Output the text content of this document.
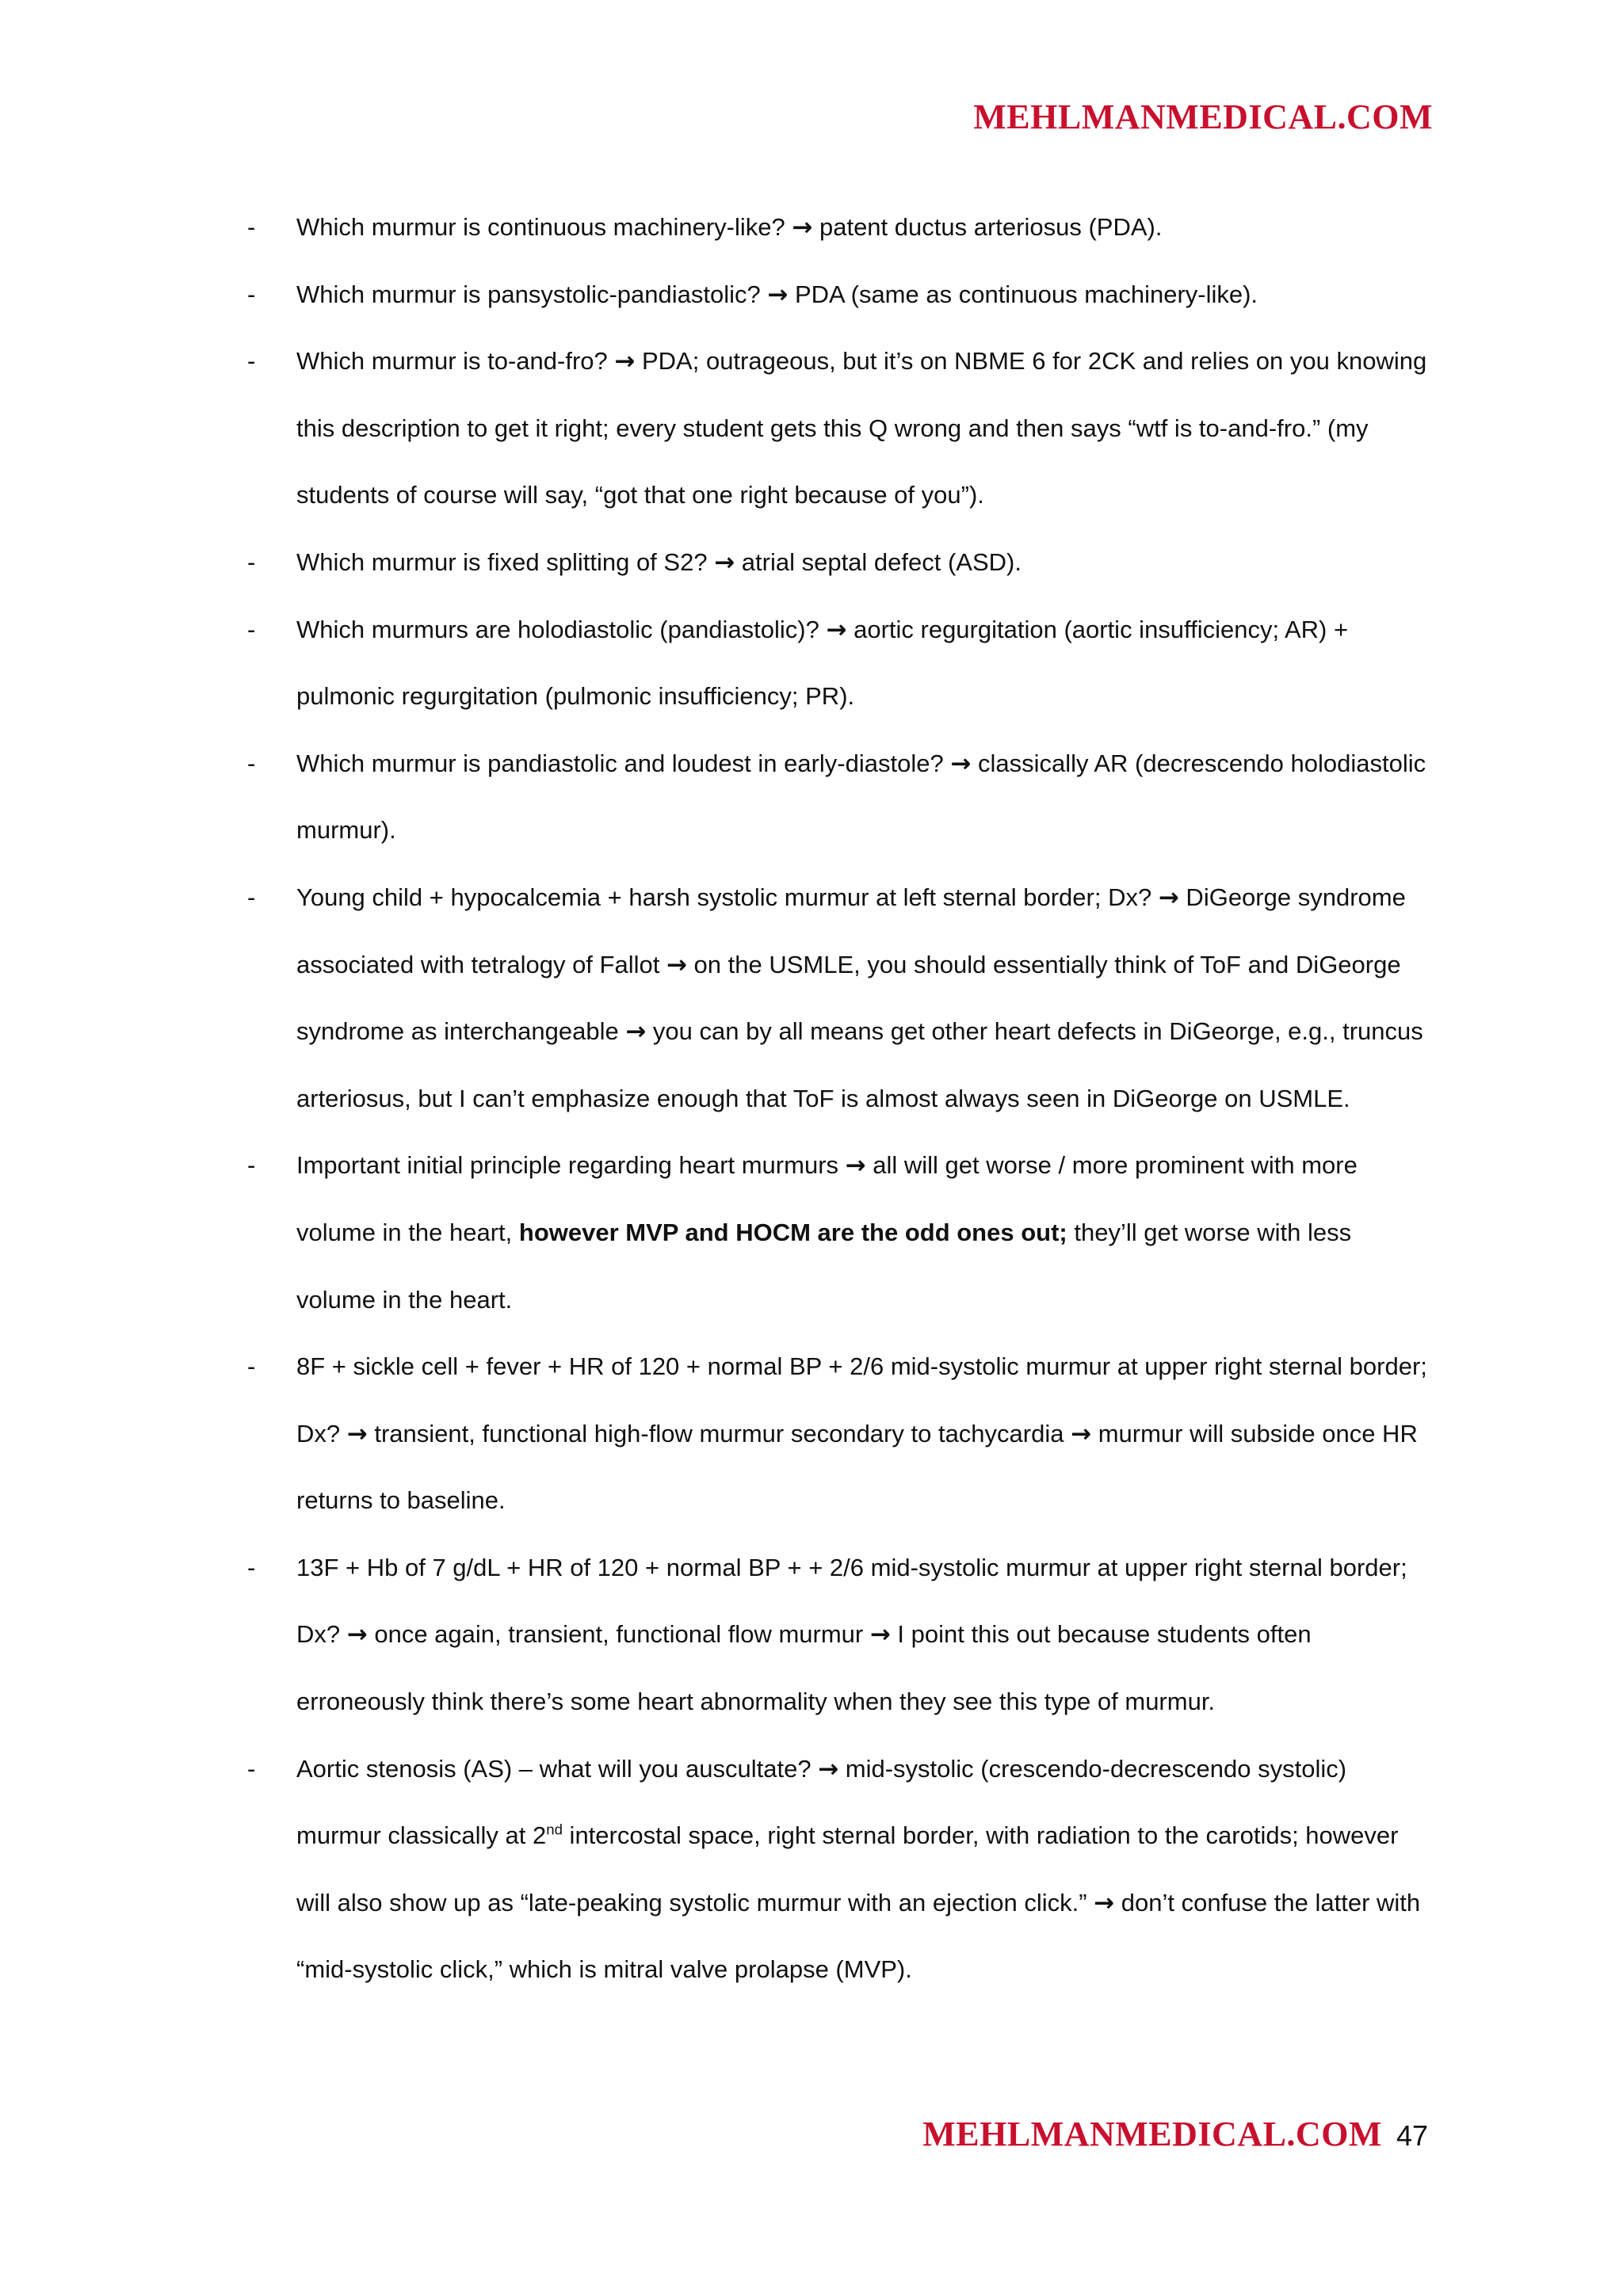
MEHLMANMEDICAL.COM
- Which murmur is continuous machinery-like? → patent ductus arteriosus (PDA).
- Which murmur is pansystolic-pandiastolic? → PDA (same as continuous machinery-like).
- Which murmur is to-and-fro? → PDA; outrageous, but it’s on NBME 6 for 2CK and relies on you knowing this description to get it right; every student gets this Q wrong and then says “wtf is to-and-fro.” (my students of course will say, “got that one right because of you”).
- Which murmur is fixed splitting of S2? → atrial septal defect (ASD).
- Which murmurs are holodiastolic (pandiastolic)? → aortic regurgitation (aortic insufficiency; AR) + pulmonic regurgitation (pulmonic insufficiency; PR).
- Which murmur is pandiastolic and loudest in early-diastole? → classically AR (decrescendo holodiastolic murmur).
- Young child + hypocalcemia + harsh systolic murmur at left sternal border; Dx? → DiGeorge syndrome associated with tetralogy of Fallot → on the USMLE, you should essentially think of ToF and DiGeorge syndrome as interchangeable → you can by all means get other heart defects in DiGeorge, e.g., truncus arteriosus, but I can’t emphasize enough that ToF is almost always seen in DiGeorge on USMLE.
- Important initial principle regarding heart murmurs → all will get worse / more prominent with more volume in the heart, however MVP and HOCM are the odd ones out; they’ll get worse with less volume in the heart.
- 8F + sickle cell + fever + HR of 120 + normal BP + 2/6 mid-systolic murmur at upper right sternal border; Dx? → transient, functional high-flow murmur secondary to tachycardia → murmur will subside once HR returns to baseline.
- 13F + Hb of 7 g/dL + HR of 120 + normal BP + + 2/6 mid-systolic murmur at upper right sternal border; Dx? → once again, transient, functional flow murmur → I point this out because students often erroneously think there’s some heart abnormality when they see this type of murmur.
- Aortic stenosis (AS) – what will you auscultate? → mid-systolic (crescendo-decrescendo systolic) murmur classically at 2nd intercostal space, right sternal border, with radiation to the carotids; however will also show up as “late-peaking systolic murmur with an ejection click.” → don’t confuse the latter with “mid-systolic click,” which is mitral valve prolapse (MVP).
MEHLMANMEDICAL.COM 47
